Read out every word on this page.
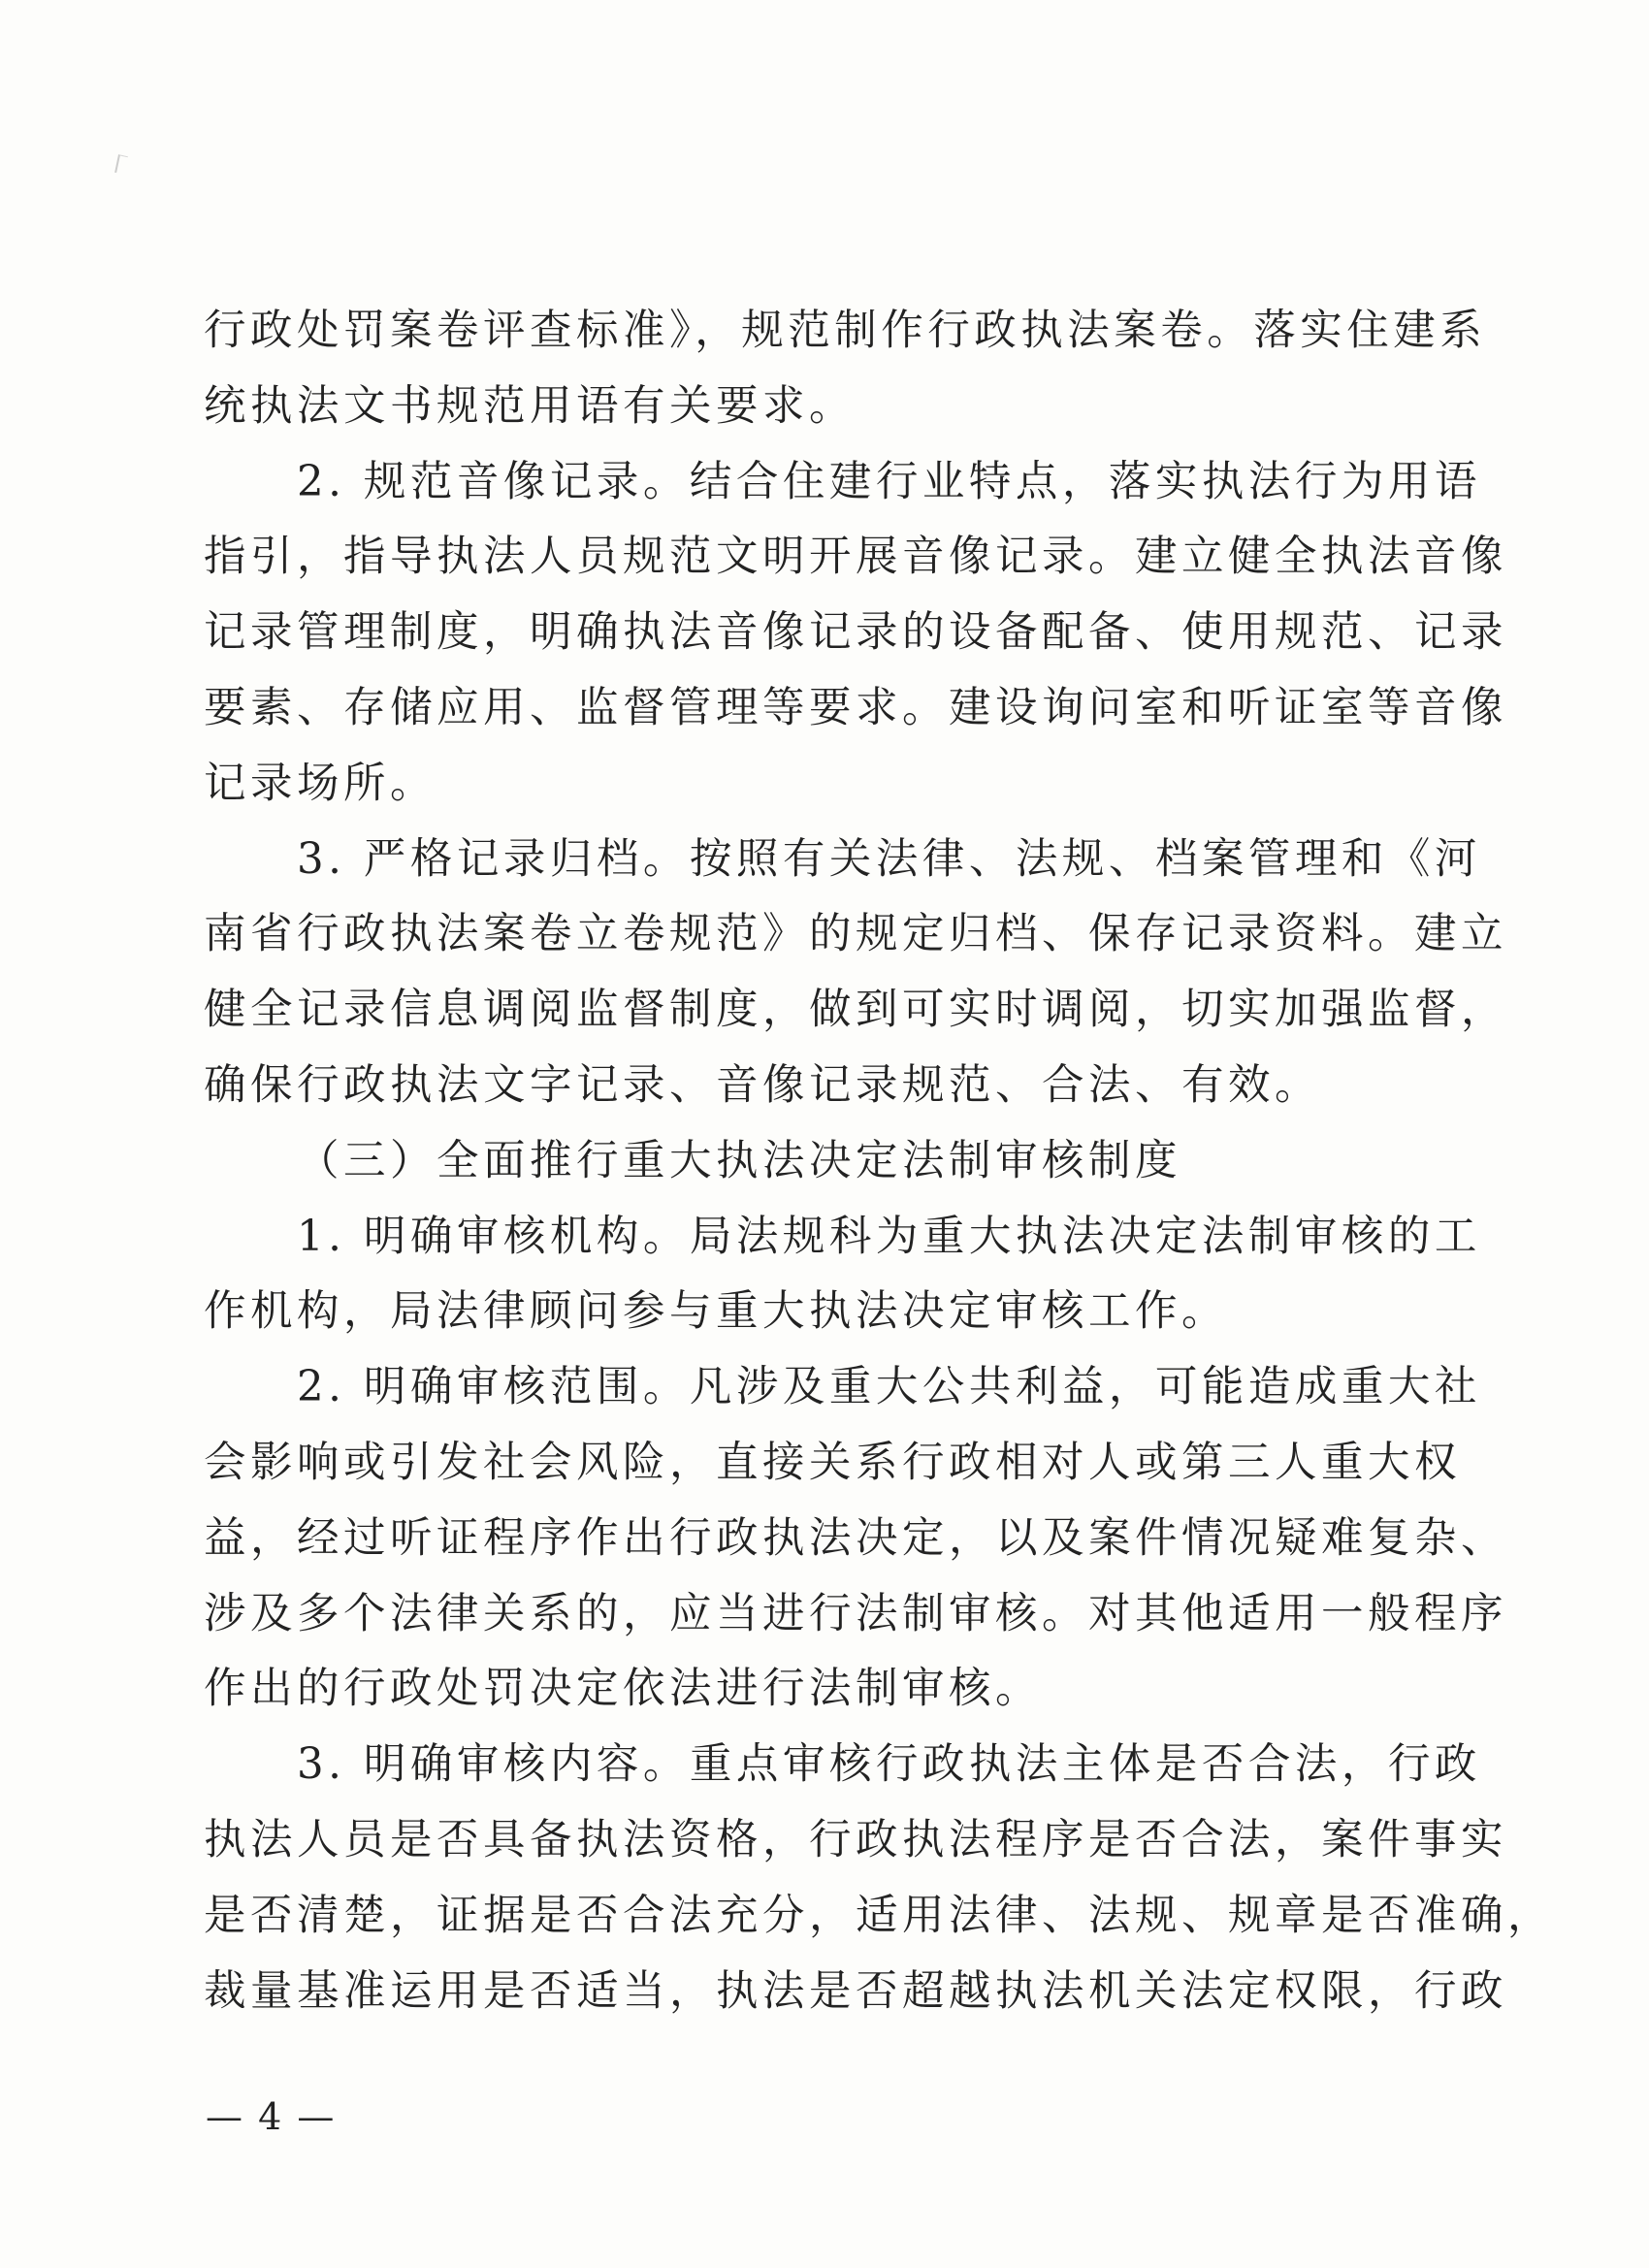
行政处罚案卷评查标准》，规范制作行政执法案卷。落实住建系
统执法文书规范用语有关要求。
2. 规范音像记录。结合住建行业特点，落实执法行为用语
指引，指导执法人员规范文明开展音像记录。建立健全执法音像
记录管理制度，明确执法音像记录的设备配备、使用规范、记录
要素、存储应用、监督管理等要求。建设询问室和听证室等音像
记录场所。
3. 严格记录归档。按照有关法律、法规、档案管理和《河
南省行政执法案卷立卷规范》的规定归档、保存记录资料。建立
健全记录信息调阅监督制度，做到可实时调阅，切实加强监督，
确保行政执法文字记录、音像记录规范、合法、有效。
（三）全面推行重大执法决定法制审核制度
1. 明确审核机构。局法规科为重大执法决定法制审核的工
作机构，局法律顾问参与重大执法决定审核工作。
2. 明确审核范围。凡涉及重大公共利益，可能造成重大社
会影响或引发社会风险，直接关系行政相对人或第三人重大权
益，经过听证程序作出行政执法决定，以及案件情况疑难复杂、
涉及多个法律关系的，应当进行法制审核。对其他适用一般程序
作出的行政处罚决定依法进行法制审核。
3. 明确审核内容。重点审核行政执法主体是否合法，行政
执法人员是否具备执法资格，行政执法程序是否合法，案件事实
是否清楚，证据是否合法充分，适用法律、法规、规章是否准确，
裁量基准运用是否适当，执法是否超越执法机关法定权限，行政
— 4 —
